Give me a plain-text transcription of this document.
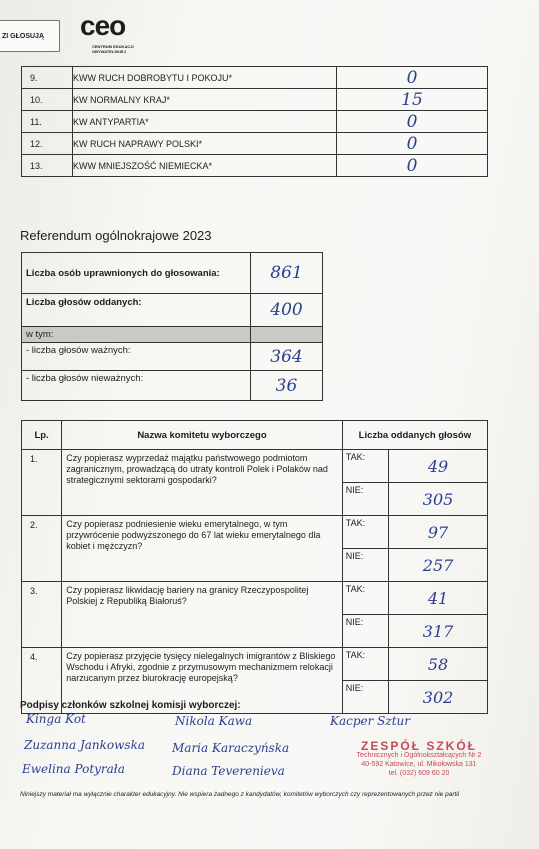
ZI GŁOSUJĄ	ceo
CENTRUM EDUKACJI
OBYWATELSKIEJ
9.	KWW RUCH DOBROBYTU I POKOJU*	0
10.	KW NORMALNY KRAJ*	15
11.	KW ANTYPARTIA*	0
12.	KW RUCH NAPRAWY POLSKI*	0
13.	KWW MNIEJSZOŚĆ NIEMIECKA*	0
Referendum ogólnokrajowe 2023
Liczba osób uprawnionych do głosowania:	861
Liczba głosów oddanych:	400
w tym:	
- liczba głosów ważnych:	364
- liczba głosów nieważnych:	36
Lp.	Nazwa komitetu wyborczego	Liczba oddanych głosów	
1.	Czy popierasz wyprzedaż majątku państwowego podmiotom zagranicznym, prowadzącą do utraty kontroli Polek i Polaków nad strategicznymi sektorami gospodarki?	TAK:	49
		NIE:	305
2.	Czy popierasz podniesienie wieku emerytalnego, w tym przywrócenie podwyższonego do 67 lat wieku emerytalnego dla kobiet i mężczyzn?	TAK:	97
		NIE:	257
3.	Czy popierasz likwidację bariery na granicy Rzeczypospolitej Polskiej z Republiką Białoruś?	TAK:	41
		NIE:	317
4.	Czy popierasz przyjęcie tysięcy nielegalnych imigrantów z Bliskiego Wschodu i Afryki, zgodnie z przymusowym mechanizmem relokacji narzucanym przez biurokrację europejską?	TAK:	58
		NIE:	302
Podpisy członków szkolnej komisji wyborczej:
Kinga Kot	Nikola Kawa	Kacper Sztur
Zuzanna Jankowska Maria Karaczyńska
Ewelina Potyrała	Diana Teverenieva
ZESPÓŁ SZKÓŁ
Technicznych i Ogólnokształcących Nr 2
40-592 Katowice, ul. Mikołowska 131
tel. (032) 609 60 20
Niniejszy materiał ma wyłącznie charakter edukacyjny. Nie wspiera żadnego z kandydatów, komitetów wyborczych czy reprezentowanych przez nie partii
